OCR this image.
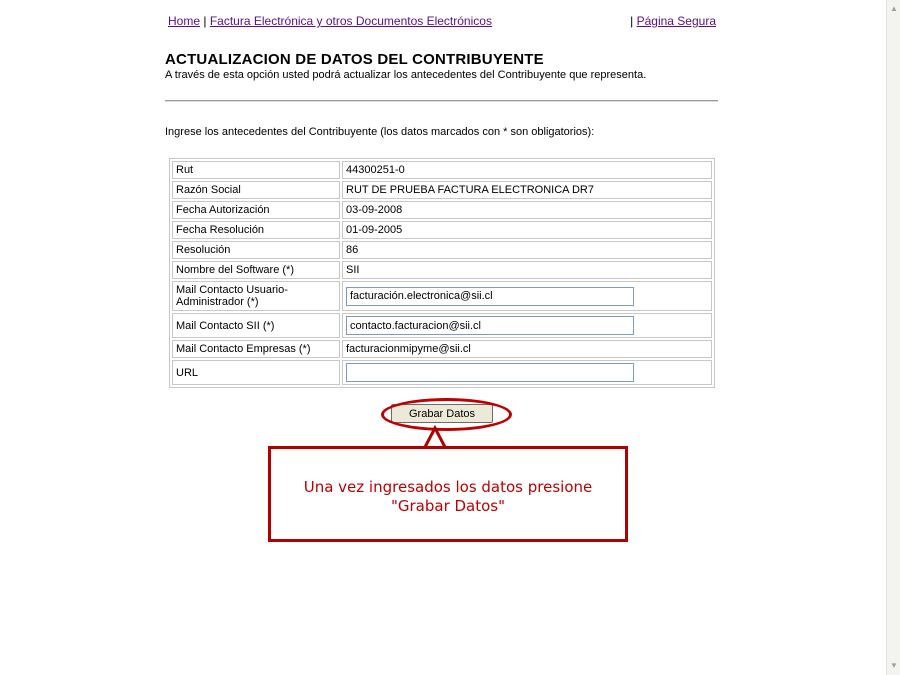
Home | Factura Electrónica y otros Documentos Electrónicos	| Página Segura
ACTUALIZACION DE DATOS DEL CONTRIBUYENTE
A través de esta opción usted podrá actualizar los antecedentes del Contribuyente que representa.
Ingrese los antecedentes del Contribuyente (los datos marcados con * son obligatorios):
Rut	44300251-0
Razón Social	RUT DE PRUEBA FACTURA ELECTRONICA DR7
Fecha Autorización	03-09-2008
Fecha Resolución	01-09-2005
Resolución	86
Nombre del Software (*)	SII
Mail Contacto Usuario-Administrador (*)	facturación.electronica@sii.cl
Mail Contacto SII (*)	contacto.facturacion@sii.cl
Mail Contacto Empresas (*)	facturacionmipyme@sii.cl
URL	
Grabar Datos
Una vez ingresados los datos presione
"Grabar Datos"
▲
▼
